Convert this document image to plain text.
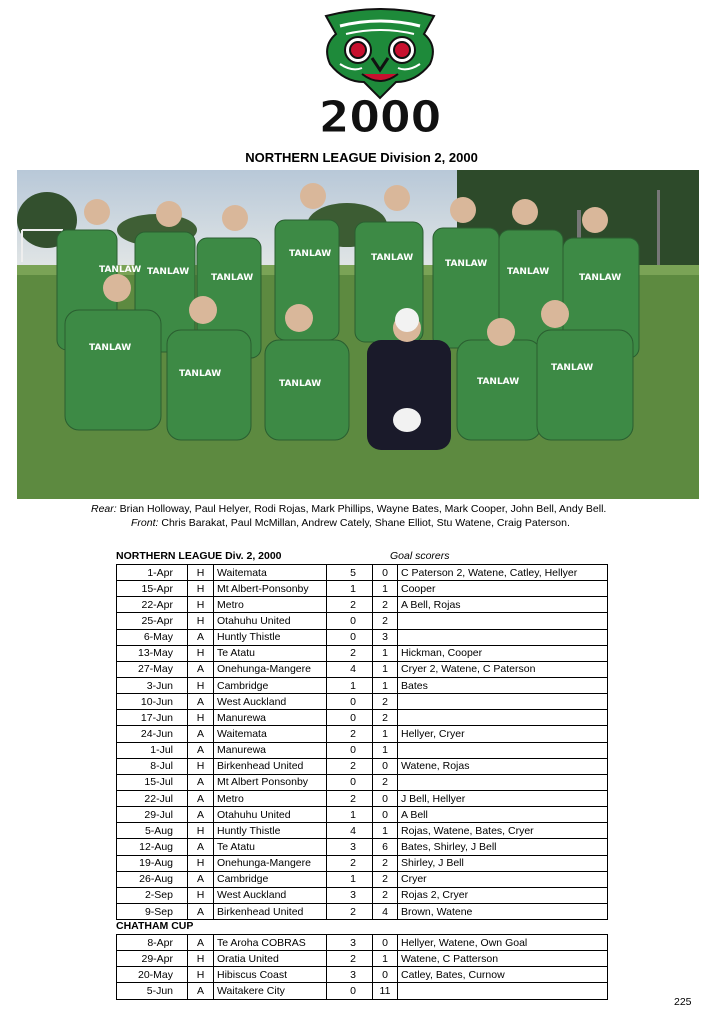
2000
NORTHERN LEAGUE Division 2, 2000
TANLAW TANLAW
TANLAW
TANLAW	TANLAW
TANLAW
TANLAW
TANLAW
TANLAW
TANLAW
TANLAW	TANLAW
TANLAW
Rear: Brian Holloway, Paul Helyer, Rodi Rojas, Mark Phillips, Wayne Bates, Mark Cooper, John Bell, Andy Bell.
Front: Chris Barakat, Paul McMillan, Andrew Cately, Shane Elliot, Stu Watene, Craig Paterson.
NORTHERN LEAGUE Div. 2, 2000	Goal scorers
1-Apr	H	Waitemata	5	0	C Paterson 2, Watene, Catley, Hellyer
15-Apr	H	Mt Albert-Ponsonby	1	1	Cooper
22-Apr	H	Metro	2	2	A Bell, Rojas
25-Apr	H	Otahuhu United	0	2	
6-May	A	Huntly Thistle	0	3	
13-May	H	Te Atatu	2	1	Hickman, Cooper
27-May	A	Onehunga-Mangere	4	1	Cryer 2, Watene, C Paterson
3-Jun	H	Cambridge	1	1	Bates
10-Jun	A	West Auckland	0	2	
17-Jun	H	Manurewa	0	2	
24-Jun	A	Waitemata	2	1	Hellyer, Cryer
1-Jul	A	Manurewa	0	1	
8-Jul	H	Birkenhead United	2	0	Watene, Rojas
15-Jul	A	Mt Albert Ponsonby	0	2	
22-Jul	A	Metro	2	0	J Bell, Hellyer
29-Jul	A	Otahuhu United	1	0	A Bell
5-Aug	H	Huntly Thistle	4	1	Rojas, Watene, Bates, Cryer
12-Aug	A	Te Atatu	3	6	Bates, Shirley, J Bell
19-Aug	H	Onehunga-Mangere	2	2	Shirley, J Bell
26-Aug	A	Cambridge	1	2	Cryer
2-Sep	H	West Auckland	3	2	Rojas 2, Cryer
9-Sep	A	Birkenhead United	2	4	Brown, Watene
CHATHAM CUP
8-Apr	A	Te Aroha COBRAS	3	0	Hellyer, Watene, Own Goal
29-Apr	H	Oratia United	2	1	Watene, C Patterson
20-May	H	Hibiscus Coast	3	0	Catley, Bates, Curnow
5-Jun	A	Waitakere City	0	11	
225
